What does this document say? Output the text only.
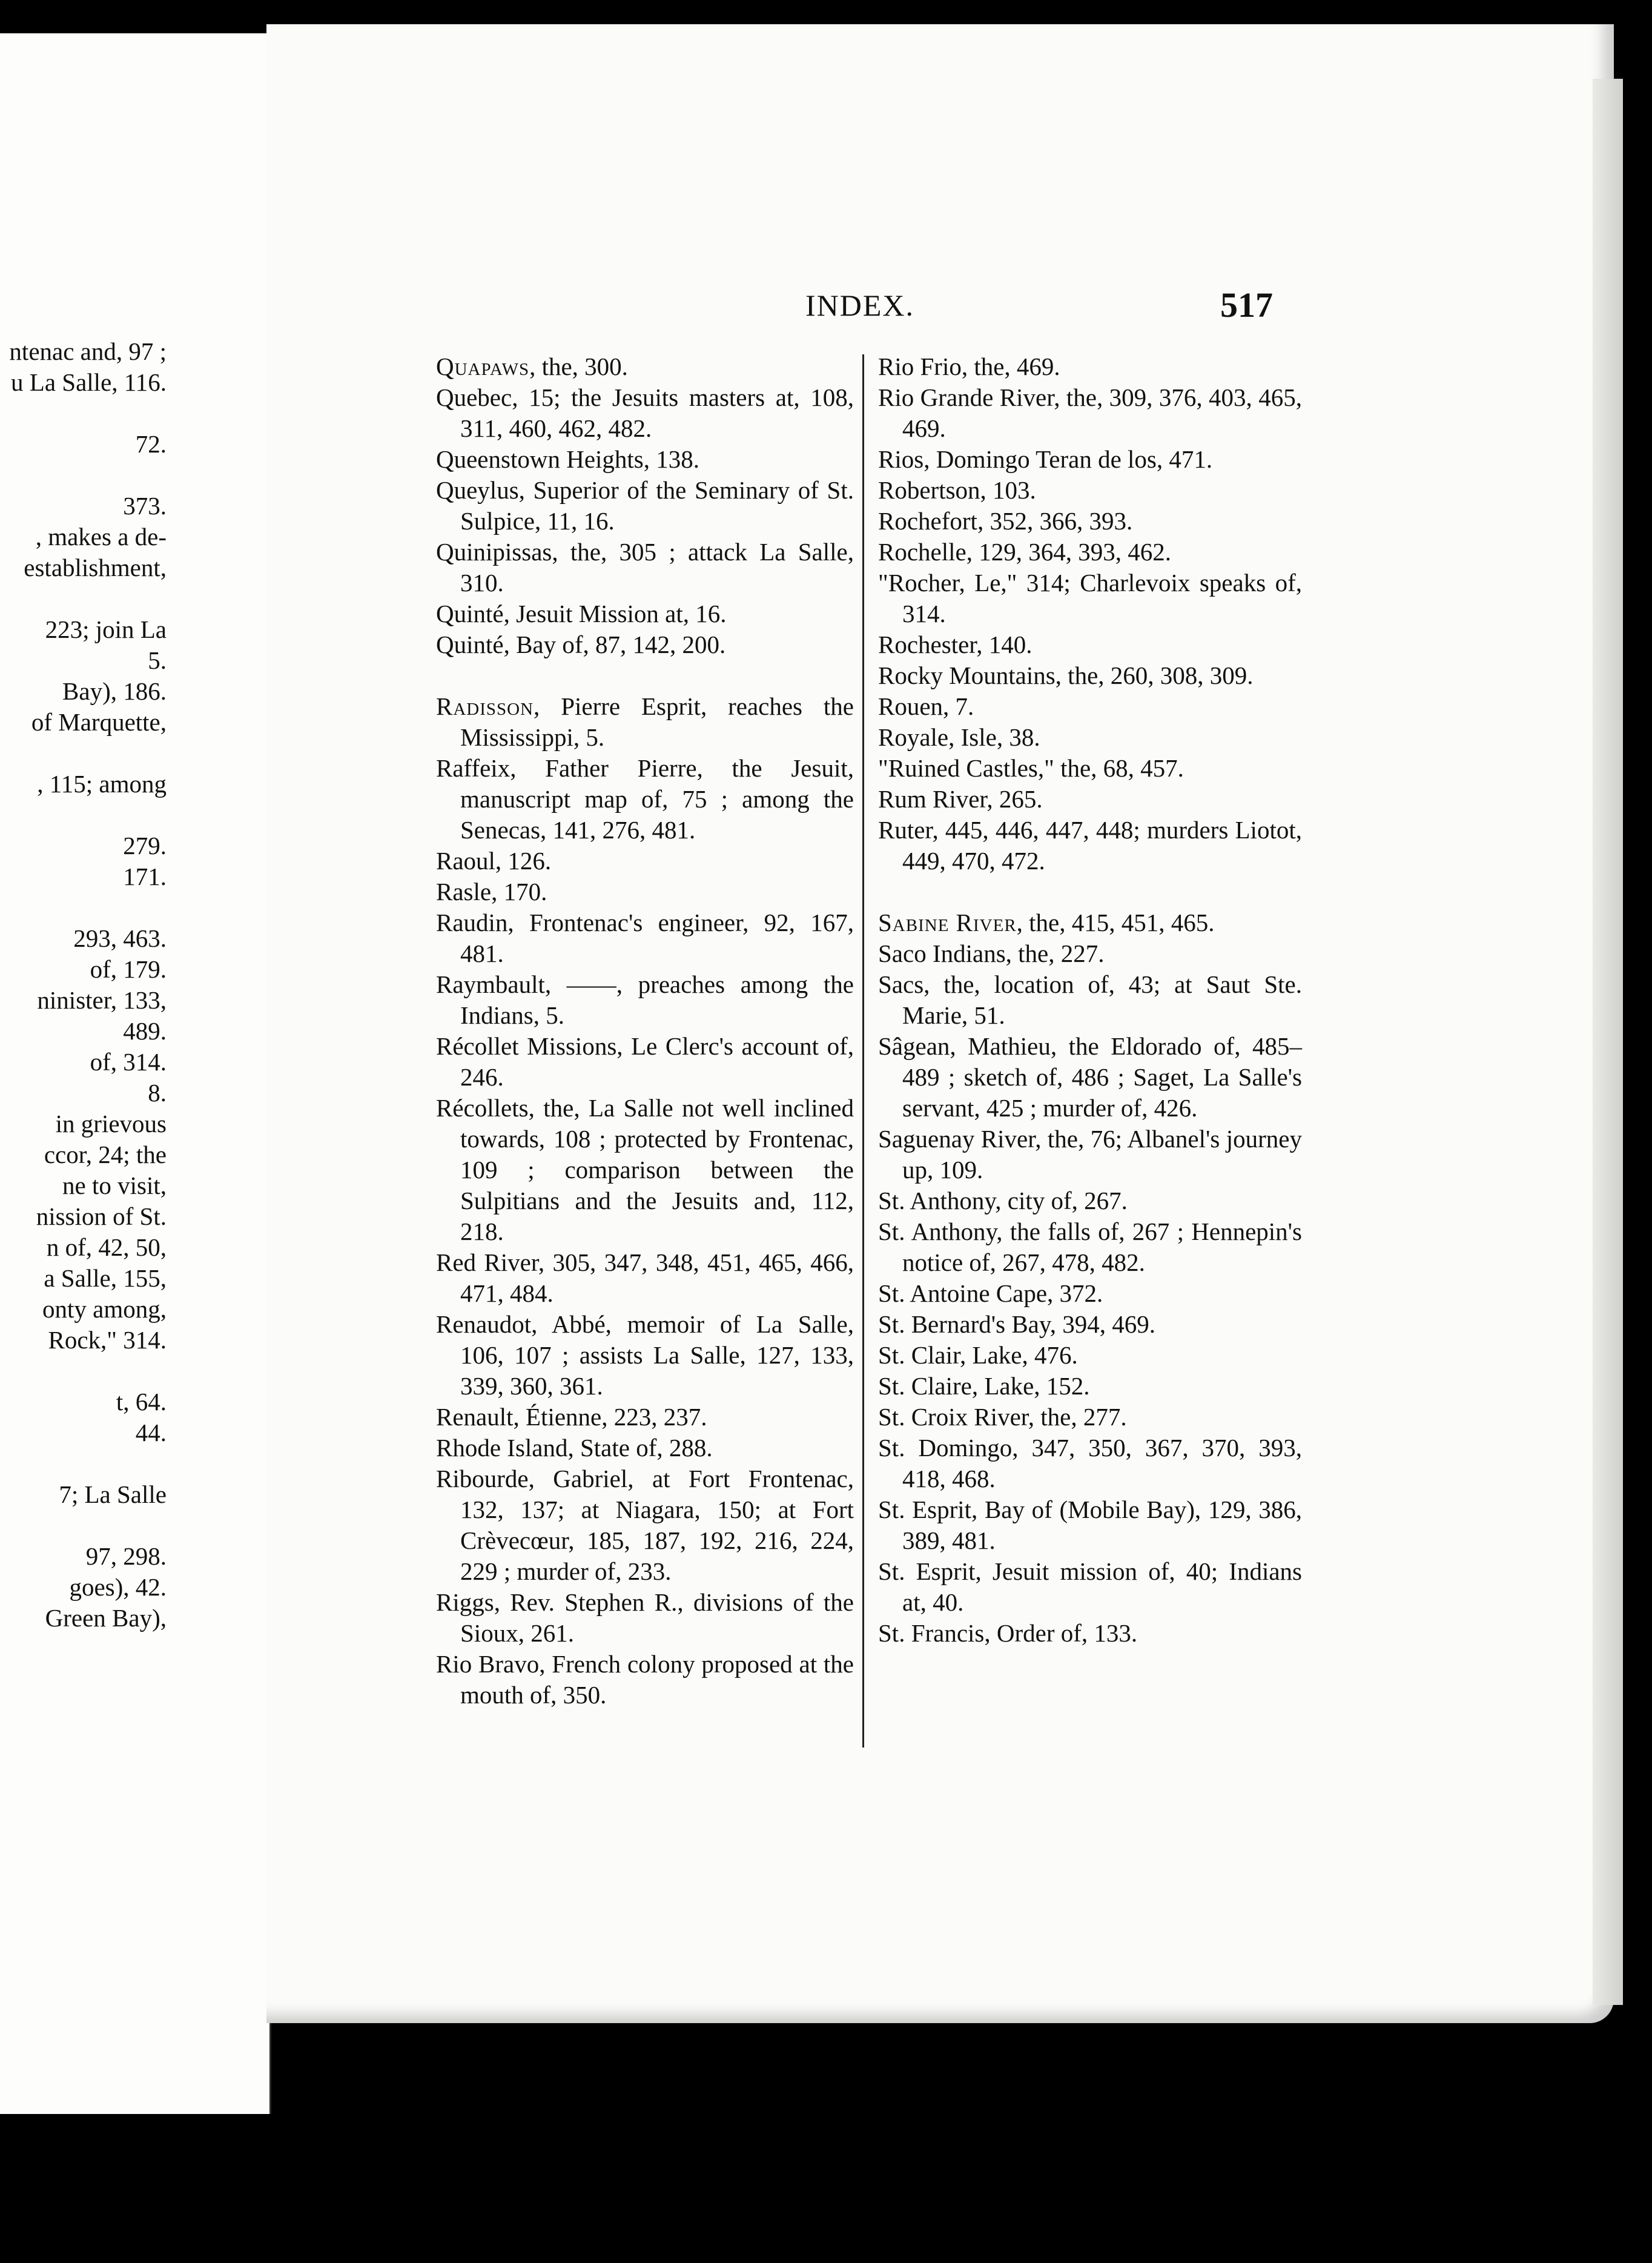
ntenac and, 97 ;
u La Salle, 116.
72.
373.
, makes a de-
establishment,
223; join La
5.
Bay), 186.
of Marquette,
, 115; among
279.
171.
293, 463.
of, 179.
ninister, 133,
489.
of, 314.
8.
in grievous
ccor, 24; the
ne to visit,
nission of St.
n of, 42, 50,
a Salle, 155,
onty among,
Rock," 314.
t, 64.
44.
7; La Salle
97, 298.
goes), 42.
Green Bay),
INDEX.	517
Quapaws, the, 300.
Quebec, 15; the Jesuits masters at, 108, 311, 460, 462, 482.
Queenstown Heights, 138.
Queylus, Superior of the Seminary of St. Sulpice, 11, 16.
Quinipissas, the, 305 ; attack La Salle, 310.
Quinté, Jesuit Mission at, 16.
Quinté, Bay of, 87, 142, 200.
Radisson, Pierre Esprit, reaches the Mississippi, 5.
Raffeix, Father Pierre, the Jesuit, manuscript map of, 75 ; among the Senecas, 141, 276, 481.
Raoul, 126.
Rasle, 170.
Raudin, Frontenac's engineer, 92, 167, 481.
Raymbault, ——, preaches among the Indians, 5.
Récollet Missions, Le Clerc's account of, 246.
Récollets, the, La Salle not well inclined towards, 108 ; protected by Frontenac, 109 ; comparison between the Sulpitians and the Jesuits and, 112, 218.
Red River, 305, 347, 348, 451, 465, 466, 471, 484.
Renaudot, Abbé, memoir of La Salle, 106, 107 ; assists La Salle, 127, 133, 339, 360, 361.
Renault, Étienne, 223, 237.
Rhode Island, State of, 288.
Ribourde, Gabriel, at Fort Frontenac, 132, 137; at Niagara, 150; at Fort Crèvecœur, 185, 187, 192, 216, 224, 229 ; murder of, 233.
Riggs, Rev. Stephen R., divisions of the Sioux, 261.
Rio Bravo, French colony proposed at the mouth of, 350.
Rio Frio, the, 469.
Rio Grande River, the, 309, 376, 403, 465, 469.
Rios, Domingo Teran de los, 471.
Robertson, 103.
Rochefort, 352, 366, 393.
Rochelle, 129, 364, 393, 462.
"Rocher, Le," 314; Charlevoix speaks of, 314.
Rochester, 140.
Rocky Mountains, the, 260, 308, 309.
Rouen, 7.
Royale, Isle, 38.
"Ruined Castles," the, 68, 457.
Rum River, 265.
Ruter, 445, 446, 447, 448; murders Liotot, 449, 470, 472.
Sabine River, the, 415, 451, 465.
Saco Indians, the, 227.
Sacs, the, location of, 43; at Saut Ste. Marie, 51.
Sâgean, Mathieu, the Eldorado of, 485–489 ; sketch of, 486 ; Saget, La Salle's servant, 425 ; murder of, 426.
Saguenay River, the, 76; Albanel's journey up, 109.
St. Anthony, city of, 267.
St. Anthony, the falls of, 267 ; Hennepin's notice of, 267, 478, 482.
St. Antoine Cape, 372.
St. Bernard's Bay, 394, 469.
St. Clair, Lake, 476.
St. Claire, Lake, 152.
St. Croix River, the, 277.
St. Domingo, 347, 350, 367, 370, 393, 418, 468.
St. Esprit, Bay of (Mobile Bay), 129, 386, 389, 481.
St. Esprit, Jesuit mission of, 40; Indians at, 40.
St. Francis, Order of, 133.
